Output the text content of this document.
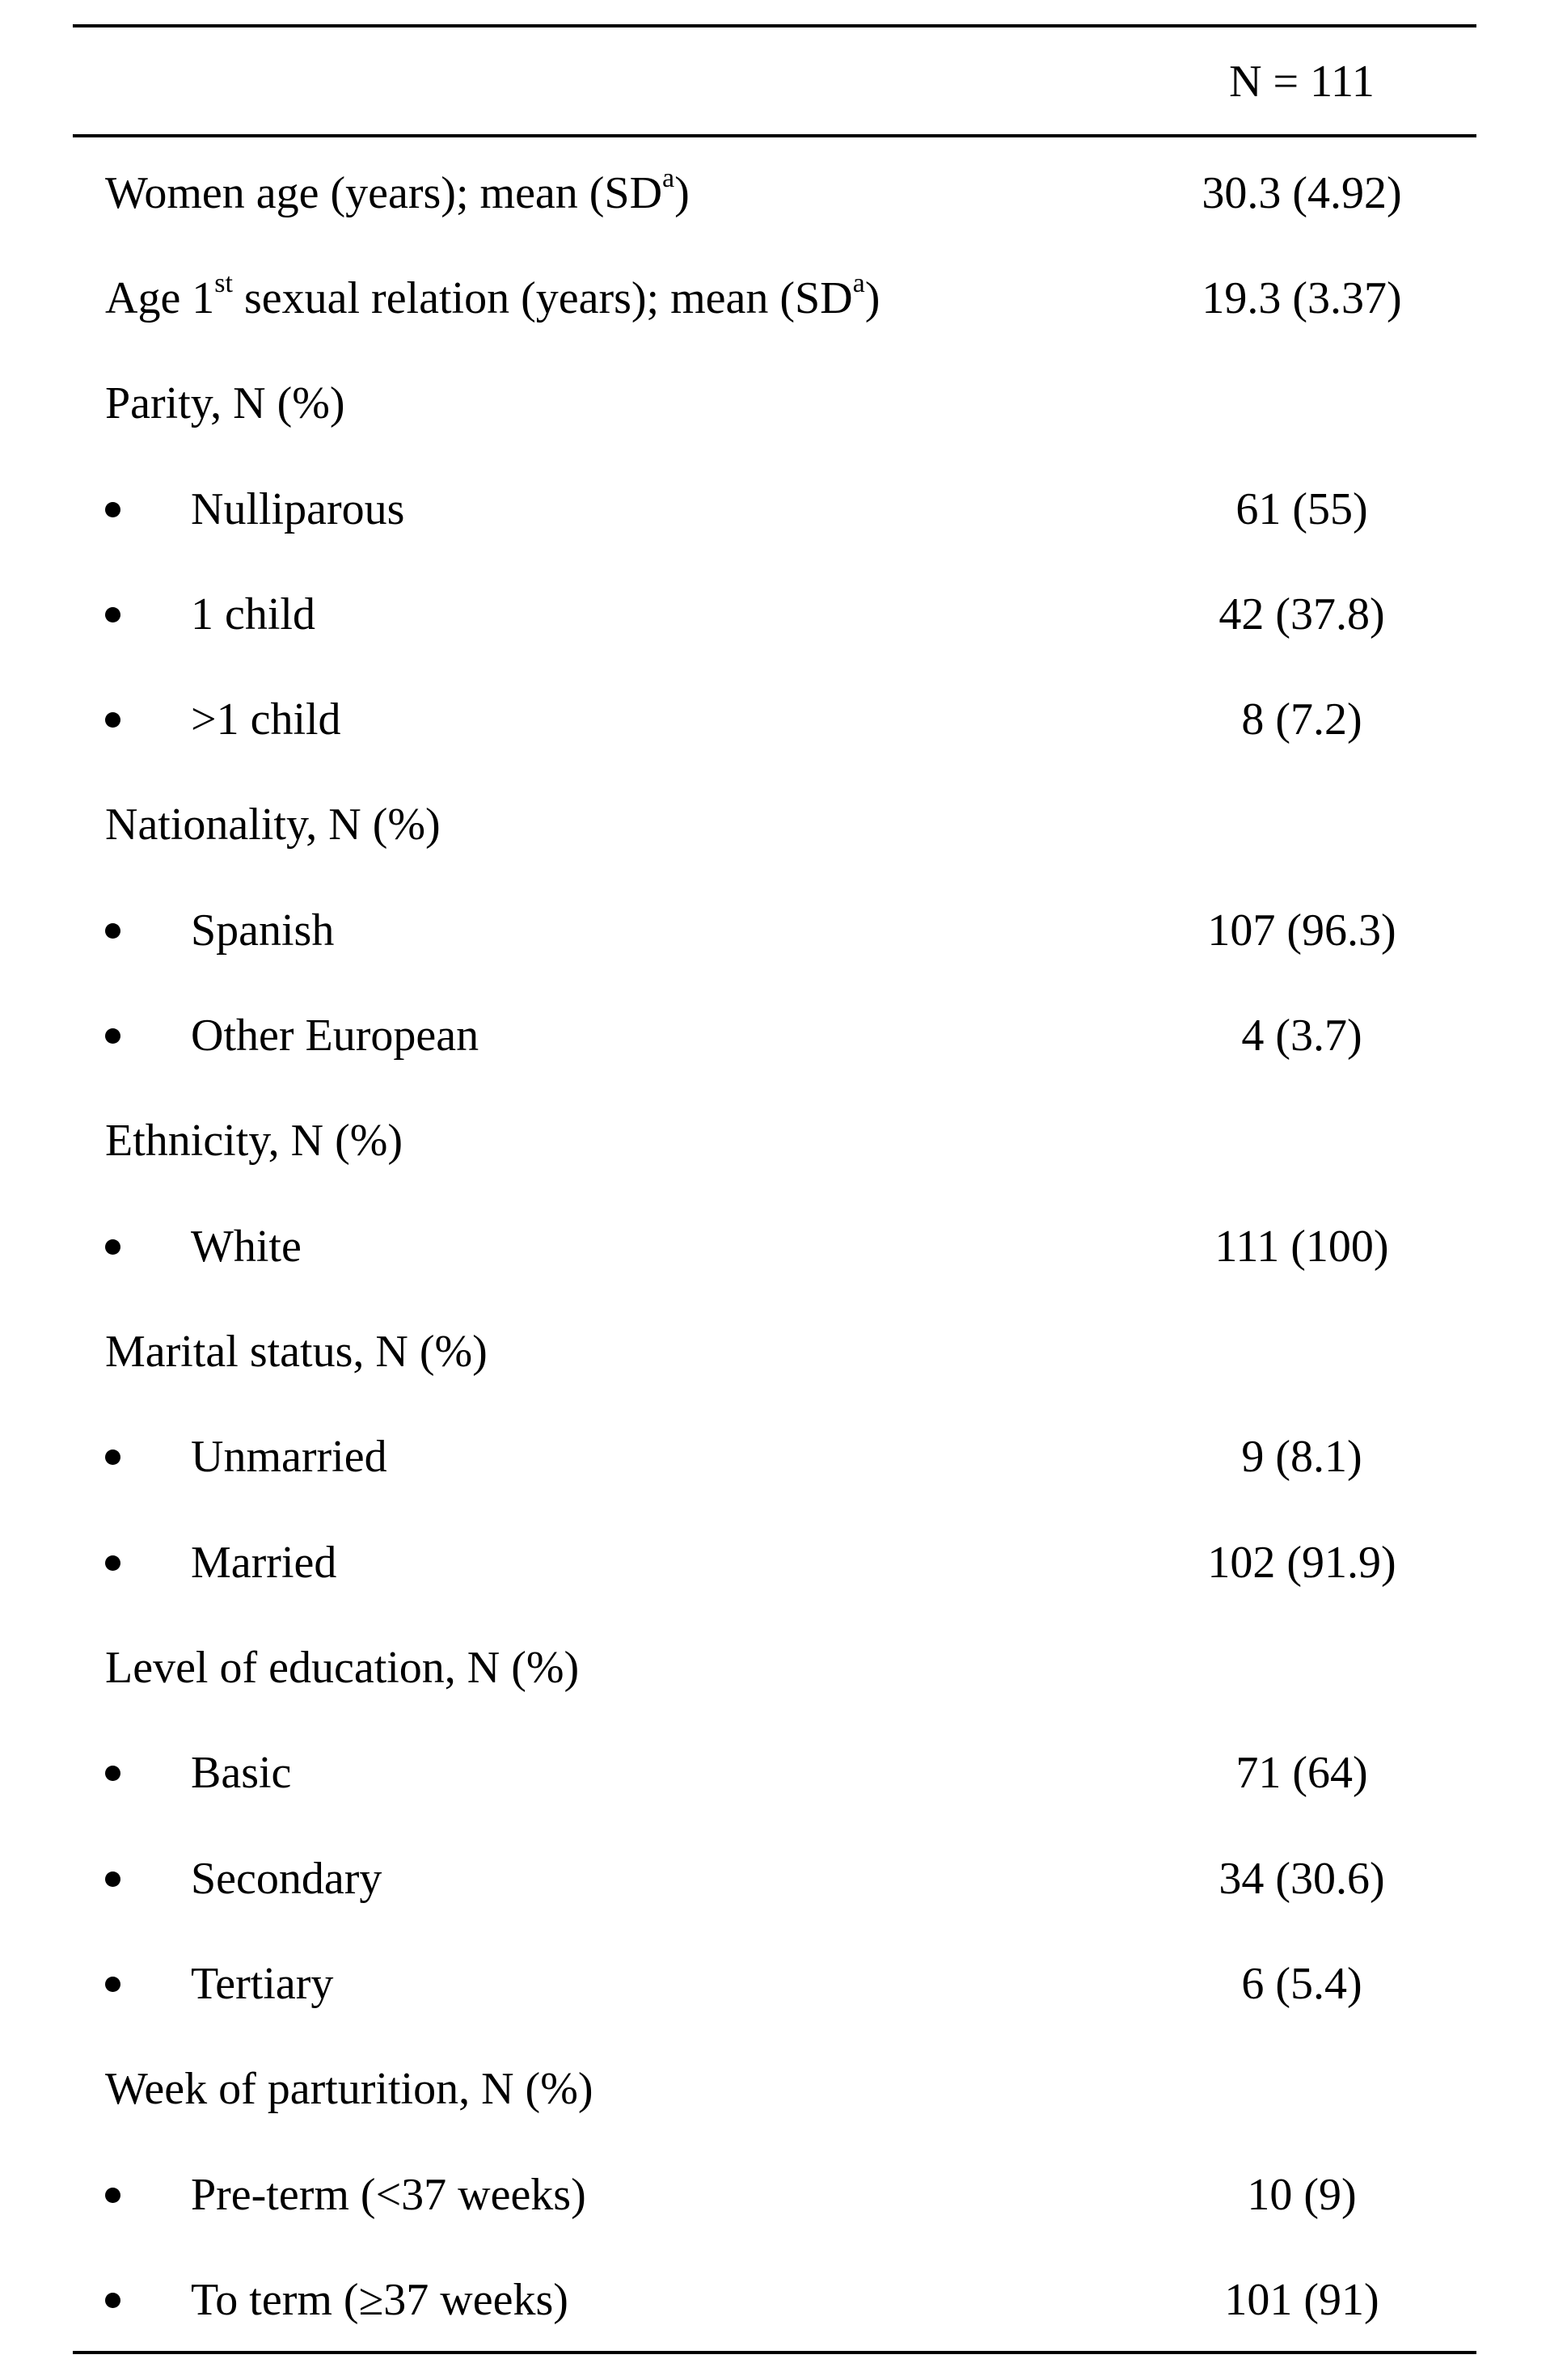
N = 111
Women age (years); mean $(SD^a)$	30.3 (4.92)
Age 1st sexual relation (years); mean $(SD^a)$	19.3 (3.37)
Parity, N (%)
Nulliparous	61 (55)
1 child	42 (37.8)
>1 child	8 (7.2)
Nationality, N (%)
Spanish	107 (96.3)
Other European	4 (3.7)
Ethnicity, N (%)
White	111 (100)
Marital status, N (%)
Unmarried	9 (8.1)
Married	102 (91.9)
Level of education, N (%)
Basic	71 (64)
Secondary	34 (30.6)
Tertiary	6 (5.4)
Week of parturition, N (%)
Pre-term (<37 weeks)	10 (9)
To term (≥37 weeks)	101 (91)
